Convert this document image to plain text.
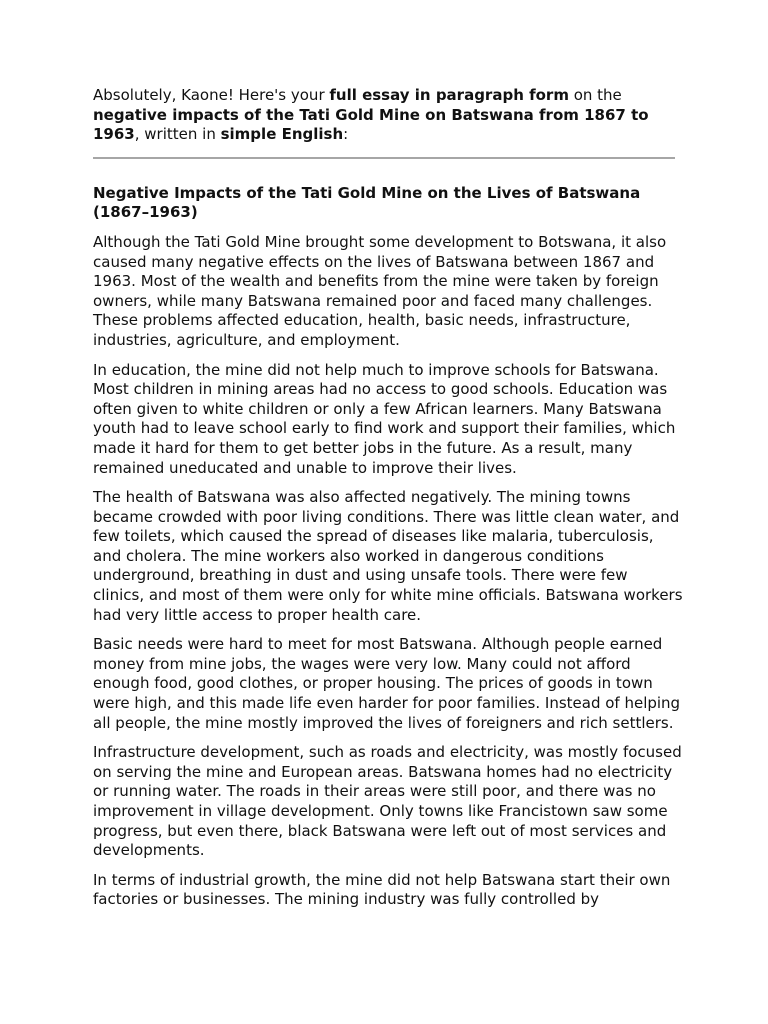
Absolutely, Kaone! Here's your full essay in paragraph form on the negative impacts of the Tati Gold Mine on Batswana from 1867 to 1963, written in simple English:

Negative Impacts of the Tati Gold Mine on the Lives of Batswana (1867–1963)

Although the Tati Gold Mine brought some development to Botswana, it also caused many negative effects on the lives of Batswana between 1867 and 1963. Most of the wealth and benefits from the mine were taken by foreign owners, while many Batswana remained poor and faced many challenges. These problems affected education, health, basic needs, infrastructure, industries, agriculture, and employment.

In education, the mine did not help much to improve schools for Batswana. Most children in mining areas had no access to good schools. Education was often given to white children or only a few African learners. Many Batswana youth had to leave school early to find work and support their families, which made it hard for them to get better jobs in the future. As a result, many remained uneducated and unable to improve their lives.

The health of Batswana was also affected negatively. The mining towns became crowded with poor living conditions. There was little clean water, and few toilets, which caused the spread of diseases like malaria, tuberculosis, and cholera. The mine workers also worked in dangerous conditions underground, breathing in dust and using unsafe tools. There were few clinics, and most of them were only for white mine officials. Batswana workers had very little access to proper health care.

Basic needs were hard to meet for most Batswana. Although people earned money from mine jobs, the wages were very low. Many could not afford enough food, good clothes, or proper housing. The prices of goods in town were high, and this made life even harder for poor families. Instead of helping all people, the mine mostly improved the lives of foreigners and rich settlers.

Infrastructure development, such as roads and electricity, was mostly focused on serving the mine and European areas. Batswana homes had no electricity or running water. The roads in their areas were still poor, and there was no improvement in village development. Only towns like Francistown saw some progress, but even there, black Batswana were left out of most services and developments.

In terms of industrial growth, the mine did not help Batswana start their own factories or businesses. The mining industry was fully controlled by
